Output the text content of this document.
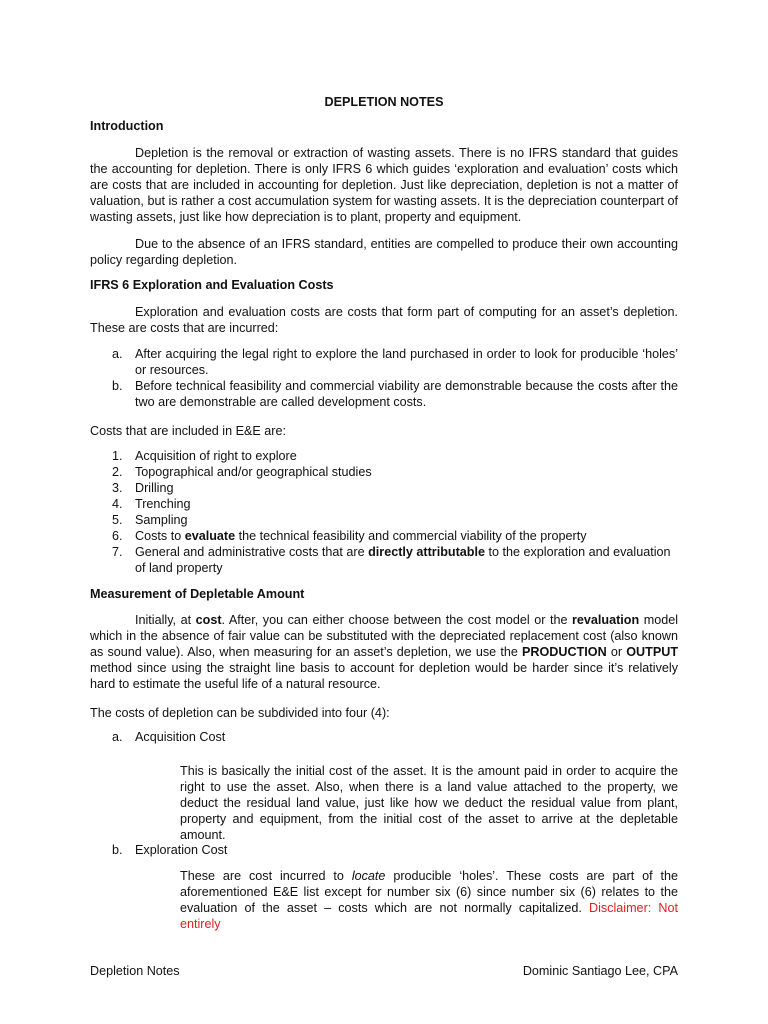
DEPLETION NOTES
Introduction

Depletion is the removal or extraction of wasting assets. There is no IFRS standard that guides the accounting for depletion. There is only IFRS 6 which guides ‘exploration and evaluation’ costs which are costs that are included in accounting for depletion. Just like depreciation, depletion is not a matter of valuation, but is rather a cost accumulation system for wasting assets. It is the depreciation counterpart of wasting assets, just like how depreciation is to plant, property and equipment.

Due to the absence of an IFRS standard, entities are compelled to produce their own accounting policy regarding depletion.

IFRS 6 Exploration and Evaluation Costs

Exploration and evaluation costs are costs that form part of computing for an asset’s depletion. These are costs that are incurred:

a. After acquiring the legal right to explore the land purchased in order to look for producible ‘holes’ or resources.
b. Before technical feasibility and commercial viability are demonstrable because the costs after the two are demonstrable are called development costs.
Costs that are included in E&E are:
1. Acquisition of right to explore
2. Topographical and/or geographical studies
3. Drilling
4. Trenching
5. Sampling
6. Costs to evaluate the technical feasibility and commercial viability of the property
7. General and administrative costs that are directly attributable to the exploration and evaluation of land property
Measurement of Depletable Amount

Initially, at cost. After, you can either choose between the cost model or the revaluation model which in the absence of fair value can be substituted with the depreciated replacement cost (also known as sound value). Also, when measuring for an asset’s depletion, we use the PRODUCTION or OUTPUT method since using the straight line basis to account for depletion would be harder since it’s relatively hard to estimate the useful life of a natural resource.

The costs of depletion can be subdivided into four (4):
a. Acquisition Cost

This is basically the initial cost of the asset. It is the amount paid in order to acquire the right to use the asset. Also, when there is a land value attached to the property, we deduct the residual land value, just like how we deduct the residual value from plant, property and equipment, from the initial cost of the asset to arrive at the depletable amount.

b. Exploration Cost

These are cost incurred to locate producible ‘holes’. These costs are part of the aforementioned E&E list except for number six (6) since number six (6) relates to the evaluation of the asset – costs which are not normally capitalized. Disclaimer: Not entirely

Depletion Notes	Dominic Santiago Lee, CPA
